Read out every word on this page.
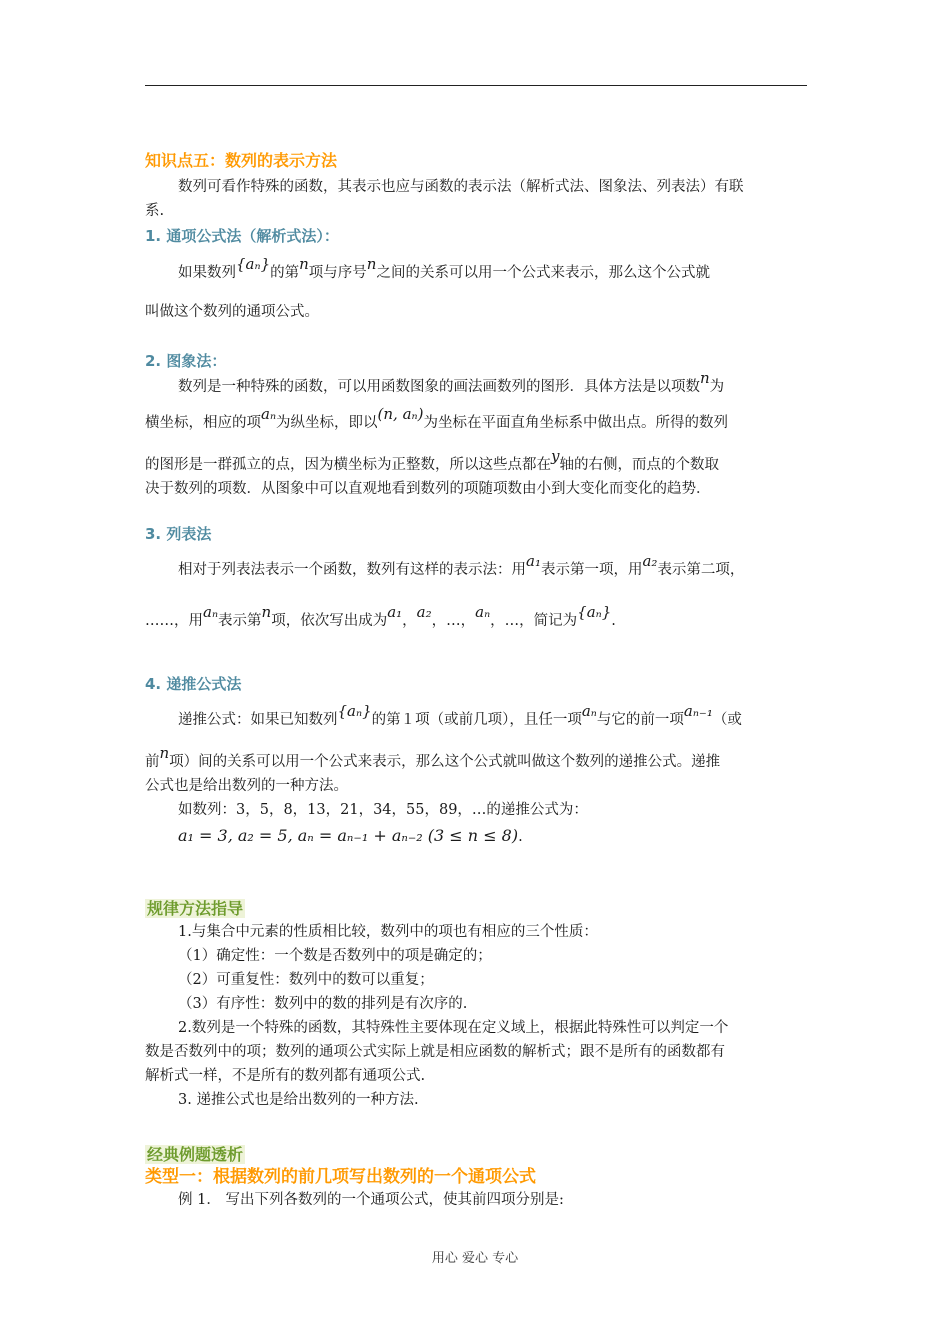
知识点五：数列的表示方法

数列可看作特殊的函数，其表示也应与函数的表示法（解析式法、图象法、列表法）有联

系.

1. 通项公式法（解析式法）：

如果数列{aₙ}的第n项与序号n之间的关系可以用一个公式来表示，那么这个公式就

叫做这个数列的通项公式。

2. 图象法：

数列是一种特殊的函数，可以用函数图象的画法画数列的图形．具体方法是以项数n为

横坐标，相应的项aₙ为纵坐标，即以(n, aₙ)为坐标在平面直角坐标系中做出点。所得的数列

的图形是一群孤立的点，因为横坐标为正整数，所以这些点都在y轴的右侧，而点的个数取

决于数列的项数．从图象中可以直观地看到数列的项随项数由小到大变化而变化的趋势．

3. 列表法

相对于列表法表示一个函数，数列有这样的表示法：用a₁表示第一项，用a₂表示第二项，

……，用aₙ表示第n项，依次写出成为a₁，a₂，…，aₙ，…，简记为{aₙ}.

4. 递推公式法

递推公式：如果已知数列{aₙ}的第１项（或前几项），且任一项aₙ与它的前一项aₙ₋₁（或

前n项）间的关系可以用一个公式来表示，那么这个公式就叫做这个数列的递推公式。递推

公式也是给出数列的一种方法。

如数列：3，5，8，13，21，34，55，89，…的递推公式为：

a₁ = 3, a₂ = 5, aₙ = aₙ₋₁ + aₙ₋₂ (3 ≤ n ≤ 8).

规律方法指导

1.与集合中元素的性质相比较，数列中的项也有相应的三个性质：

（1）确定性：一个数是否数列中的项是确定的；
（2）可重复性：数列中的数可以重复；
（3）有序性：数列中的数的排列是有次序的.

2.数列是一个特殊的函数，其特殊性主要体现在定义域上，根据此特殊性可以判定一个

数是否数列中的项；数列的通项公式实际上就是相应函数的解析式；跟不是所有的函数都有

解析式一样，不是所有的数列都有通项公式.

3. 递推公式也是给出数列的一种方法.

经典例题透析
类型一：根据数列的前几项写出数列的一个通项公式

例 1． 写出下列各数列的一个通项公式，使其前四项分别是:

用心 爱心 专心
